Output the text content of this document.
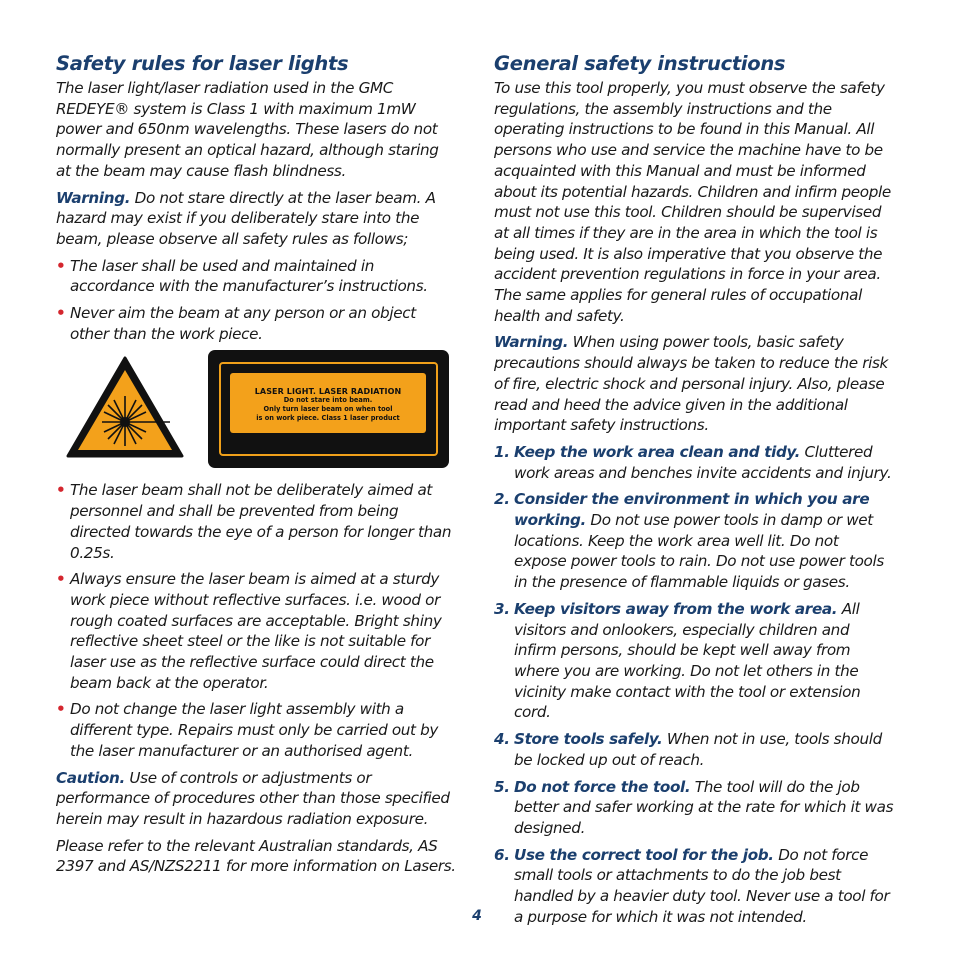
Safety rules for laser lights

The laser light/laser radiation used in the GMC REDEYE® system is Class 1 with maximum 1mW power and 650nm wavelengths. These lasers do not normally present an optical hazard, although staring at the beam may cause flash blindness.

Warning. Do not stare directly at the laser beam. A hazard may exist if you deliberately stare into the beam, please observe all safety rules as follows;

• The laser shall be used and maintained in accordance with the manufacturer’s instructions.
• Never aim the beam at any person or an object other than the work piece.
LASER LIGHT. LASER RADIATION
Do not stare into beam.
Only turn laser beam on when tool
is on work piece. Class 1 laser product
• The laser beam shall not be deliberately aimed at personnel and shall be prevented from being directed towards the eye of a person for longer than 0.25s.
• Always ensure the laser beam is aimed at a sturdy work piece without reflective surfaces. i.e. wood or rough coated surfaces are acceptable. Bright shiny reflective sheet steel or the like is not suitable for laser use as the reflective surface could direct the beam back at the operator.
• Do not change the laser light assembly with a different type. Repairs must only be carried out by the laser manufacturer or an authorised agent.

Caution. Use of controls or adjustments or performance of procedures other than those specified herein may result in hazardous radiation exposure.

Please refer to the relevant Australian standards, AS 2397 and AS/NZS2211 for more information on Lasers.

General safety instructions

To use this tool properly, you must observe the safety regulations, the assembly instructions and the operating instructions to be found in this Manual. All persons who use and service the machine have to be acquainted with this Manual and must be informed about its potential hazards. Children and infirm people must not use this tool. Children should be supervised at all times if they are in the area in which the tool is being used. It is also imperative that you observe the accident prevention regulations in force in your area. The same applies for general rules of occupational health and safety.

Warning. When using power tools, basic safety precautions should always be taken to reduce the risk of fire, electric shock and personal injury. Also, please read and heed the advice given in the additional important safety instructions.

1. Keep the work area clean and tidy. Cluttered work areas and benches invite accidents and injury.
2. Consider the environment in which you are working. Do not use power tools in damp or wet locations. Keep the work area well lit. Do not expose power tools to rain. Do not use power tools in the presence of flammable liquids or gases.
3. Keep visitors away from the work area. All visitors and onlookers, especially children and infirm persons, should be kept well away from where you are working. Do not let others in the vicinity make contact with the tool or extension cord.
4. Store tools safely. When not in use, tools should be locked up out of reach.
5. Do not force the tool. The tool will do the job better and safer working at the rate for which it was designed.
6. Use the correct tool for the job. Do not force small tools or attachments to do the job best handled by a heavier duty tool. Never use a tool for a purpose for which it was not intended.
4
